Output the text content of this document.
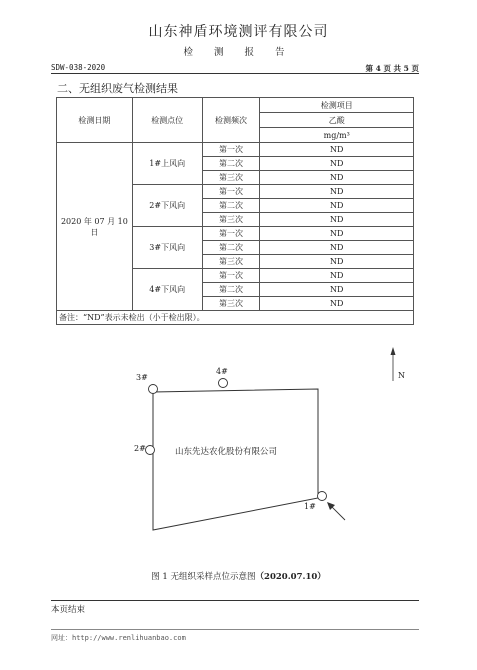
山东神盾环境测评有限公司
检 测 报 告
SDW-038-2020	第 4 页 共 5 页
二、无组织废气检测结果
检测日期	检测点位	检测频次	检测项目
			乙酸
			mg/m³
2020 年 07 月 10 日	1#上风向	第一次	ND
		第二次	ND
		第三次	ND
	2#下风向	第一次	ND
		第二次	ND
		第三次	ND
	3#下风向	第一次	ND
		第二次	ND
		第三次	ND
	4#下风向	第一次	ND
		第二次	ND
		第三次	ND
备注：“ND”表示未检出（小于检出限）。			
N
3#
4#
2#
1#
山东先达农化股份有限公司
图 1 无组织采样点位示意图（2020.07.10）
本页结束
网址：http://www.renlihuanbao.com
